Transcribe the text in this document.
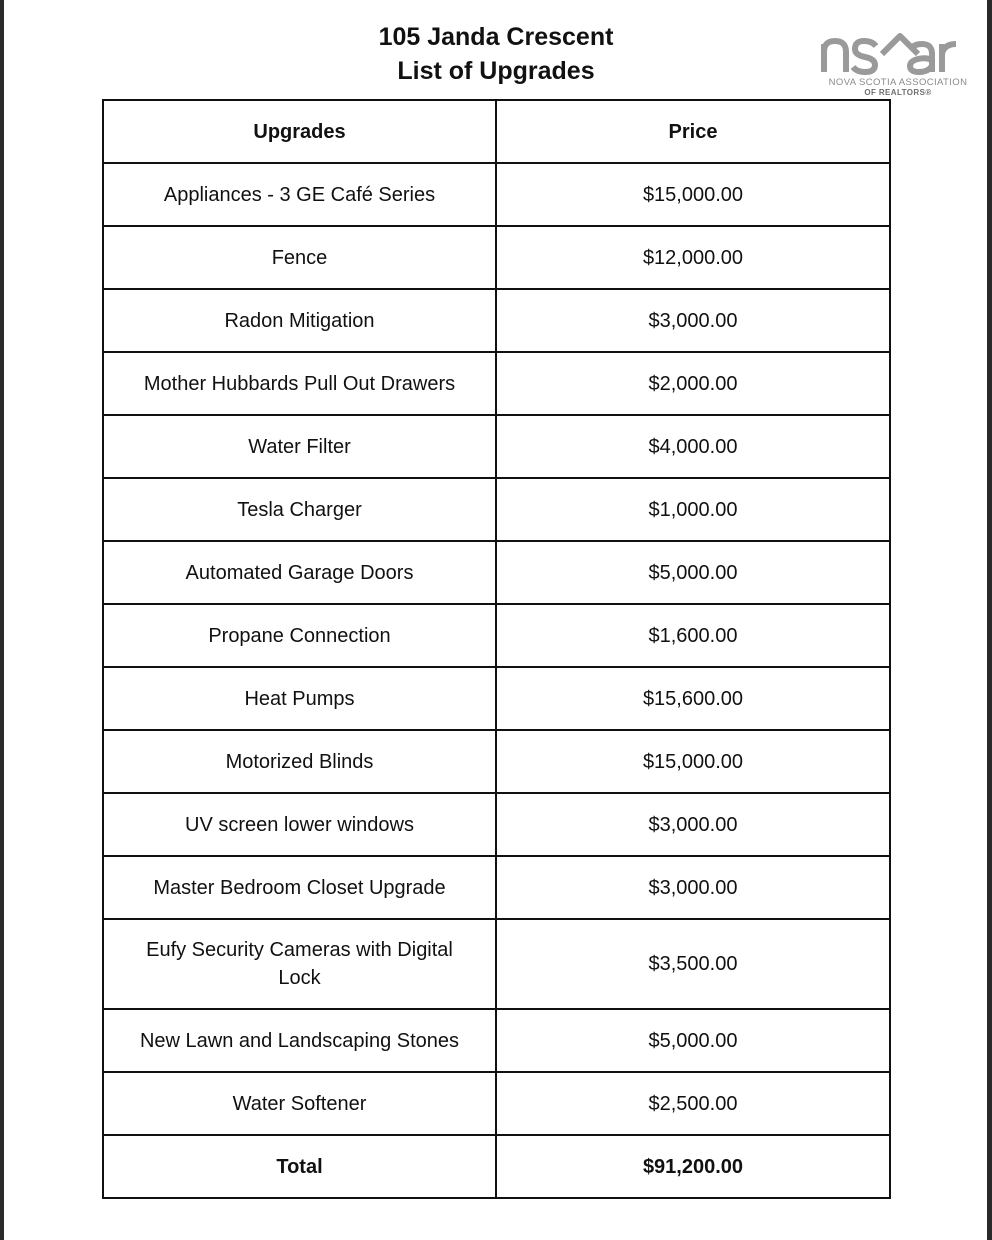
105 Janda Crescent
List of Upgrades	NOVA SCOTIA ASSOCIATION
OF REALTORS®
Upgrades	Price
Appliances - 3 GE Café Series	$15,000.00
Fence	$12,000.00
Radon Mitigation	$3,000.00
Mother Hubbards Pull Out Drawers	$2,000.00
Water Filter	$4,000.00
Tesla Charger	$1,000.00
Automated Garage Doors	$5,000.00
Propane Connection	$1,600.00
Heat Pumps	$15,600.00
Motorized Blinds	$15,000.00
UV screen lower windows	$3,000.00
Master Bedroom Closet Upgrade	$3,000.00
Eufy Security Cameras with Digital Lock	$3,500.00
New Lawn and Landscaping Stones	$5,000.00
Water Softener	$2,500.00
Total	$91,200.00
